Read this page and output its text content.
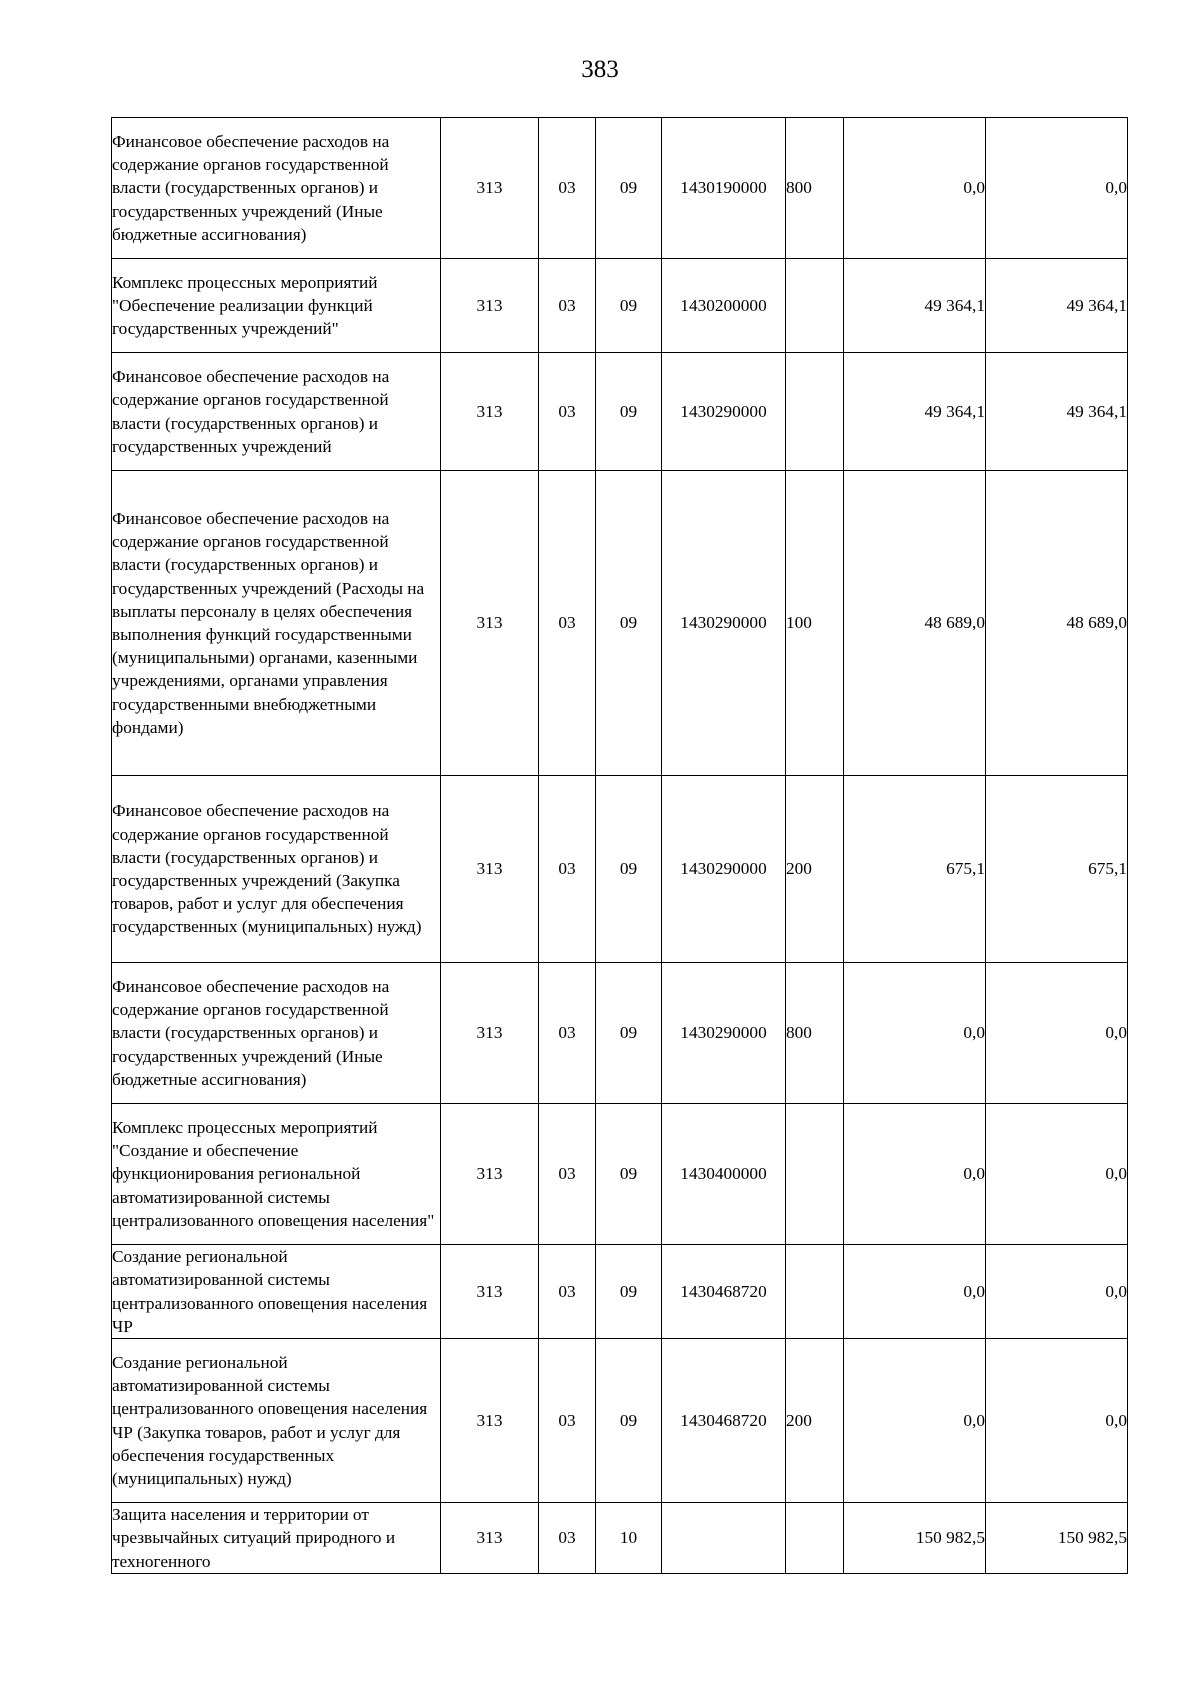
383
Финансовое обеспечение расходов на содержание органов государственной власти (государственных органов) и государственных учреждений (Иные бюджетные ассигнования)	313	03	09	1430190000	800	0,0	0,0

Комплекс процессных мероприятий "Обеспечение реализации функций государственных учреждений"	313	03	09	1430200000		49 364,1	49 364,1

Финансовое обеспечение расходов на содержание органов государственной власти (государственных органов) и государственных учреждений	313	03	09	1430290000		49 364,1	49 364,1

Финансовое обеспечение расходов на содержание органов государственной власти (государственных органов) и государственных учреждений (Расходы на выплаты персоналу в целях обеспечения выполнения функций государственными (муниципальными) органами, казенными учреждениями, органами управления государственными внебюджетными фондами)	313	03	09	1430290000	100	48 689,0	48 689,0

Финансовое обеспечение расходов на содержание органов государственной власти (государственных органов) и государственных учреждений (Закупка товаров, работ и услуг для обеспечения государственных (муниципальных) нужд)	313	03	09	1430290000	200	675,1	675,1

Финансовое обеспечение расходов на содержание органов государственной власти (государственных органов) и государственных учреждений (Иные бюджетные ассигнования)	313	03	09	1430290000	800	0,0	0,0

Комплекс процессных мероприятий "Создание и обеспечение функционирования региональной автоматизированной системы централизованного оповещения населения"	313	03	09	1430400000		0,0	0,0

Создание региональной автоматизированной системы централизованного оповещения населения ЧР	313	03	09	1430468720		0,0	0,0

Создание региональной автоматизированной системы централизованного оповещения населения ЧР (Закупка товаров, работ и услуг для обеспечения государственных (муниципальных) нужд)	313	03	09	1430468720	200	0,0	0,0

Защита населения и территории от чрезвычайных ситуаций природного и техногенного	313	03	10			150 982,5	150 982,5
